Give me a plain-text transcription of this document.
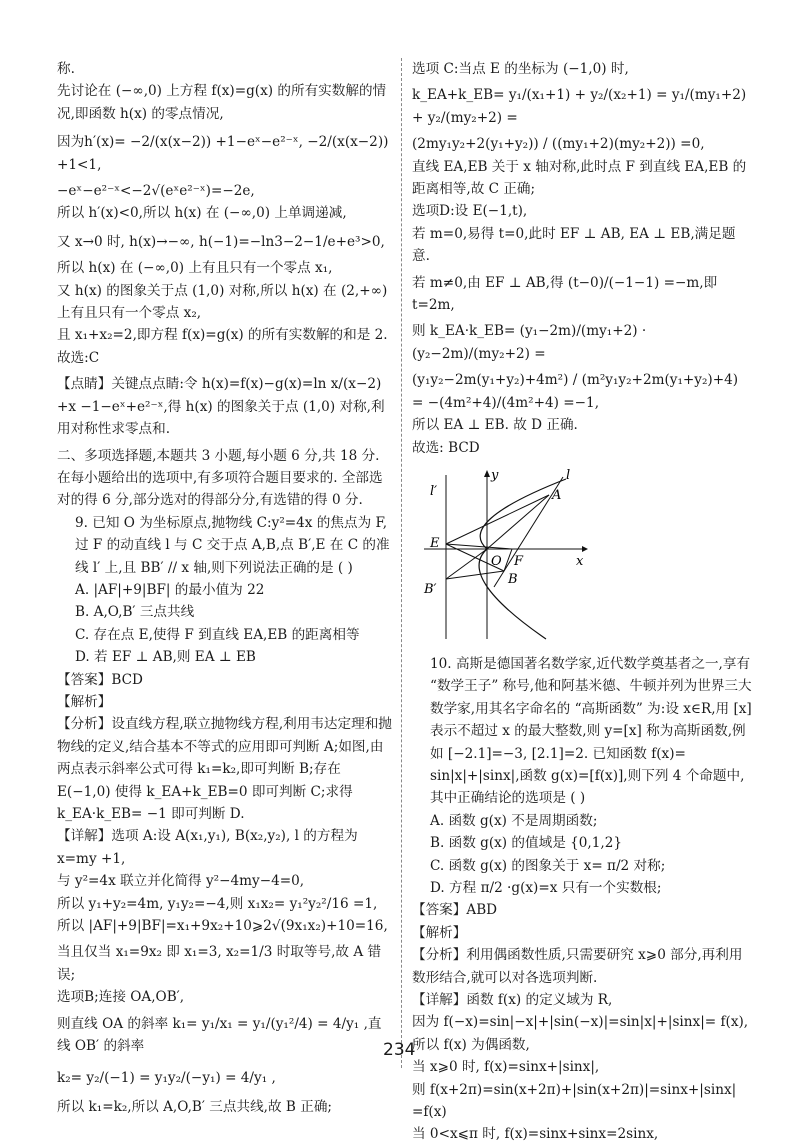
称.

先讨论在 (−∞,0) 上方程 f(x)=g(x) 的所有实数解的情况,即函数 h(x) 的零点情况,

因为h′(x)= −2/(x(x−2)) +1−eˣ−e²⁻ˣ, −2/(x(x−2)) +1<1,

−eˣ−e²⁻ˣ<−2√(eˣe²⁻ˣ)=−2e,

所以 h′(x)<0,所以 h(x) 在 (−∞,0) 上单调递减,

又 x→0 时, h(x)→−∞, h(−1)=−ln3−2−1/e+e³>0,

所以 h(x) 在 (−∞,0) 上有且只有一个零点 x₁,

又 h(x) 的图象关于点 (1,0) 对称,所以 h(x) 在 (2,+∞) 上有且只有一个零点 x₂,

且 x₁+x₂=2,即方程 f(x)=g(x) 的所有实数解的和是 2.

故选:C

【点睛】关键点点睛:令 h(x)=f(x)−g(x)=ln x/(x−2) +x −1−eˣ+e²⁻ˣ,得 h(x) 的图象关于点 (1,0) 对称,利用对称性求零点和.

二、多项选择题,本题共 3 小题,每小题 6 分,共 18 分. 在每小题给出的选项中,有多项符合题目要求的. 全部选对的得 6 分,部分选对的得部分分,有选错的得 0 分.

9. 已知 O 为坐标原点,抛物线 C:y²=4x 的焦点为 F,过 F 的动直线 l 与 C 交于点 A,B,点 B′,E 在 C 的准线 l′ 上,且 BB′ // x 轴,则下列说法正确的是 ( )

A. |AF|+9|BF| 的最小值为 22

B. A,O,B′ 三点共线

C. 存在点 E,使得 F 到直线 EA,EB 的距离相等

D. 若 EF ⊥ AB,则 EA ⊥ EB

【答案】BCD

【解析】

【分析】设直线方程,联立抛物线方程,利用韦达定理和抛物线的定义,结合基本不等式的应用即可判断 A;如图,由两点表示斜率公式可得 k₁=k₂,即可判断 B;存在 E(−1,0) 使得 k_EA+k_EB=0 即可判断 C;求得 k_EA·k_EB= −1 即可判断 D.

【详解】选项 A:设 A(x₁,y₁), B(x₂,y₂), l 的方程为 x=my +1,

与 y²=4x 联立并化简得 y²−4my−4=0,

所以 y₁+y₂=4m, y₁y₂=−4,则 x₁x₂= y₁²y₂²/16 =1,

所以 |AF|+9|BF|=x₁+9x₂+10⩾2√(9x₁x₂)+10=16,

当且仅当 x₁=9x₂ 即 x₁=3, x₂=1/3 时取等号,故 A 错误;

选项B;连接 OA,OB′,

则直线 OA 的斜率 k₁= y₁/x₁ = y₁/(y₁²/4) = 4/y₁ ,直线 OB′ 的斜率

k₂= y₂/(−1) = y₁y₂/(−y₁) = 4/y₁ ,

所以 k₁=k₂,所以 A,O,B′ 三点共线,故 B 正确;

选项 C:当点 E 的坐标为 (−1,0) 时,

k_EA+k_EB= y₁/(x₁+1) + y₂/(x₂+1) = y₁/(my₁+2) + y₂/(my₂+2) =

(2my₁y₂+2(y₁+y₂)) / ((my₁+2)(my₂+2)) =0,

直线 EA,EB 关于 x 轴对称,此时点 F 到直线 EA,EB 的距离相等,故 C 正确;

选项D:设 E(−1,t),

若 m=0,易得 t=0,此时 EF ⊥ AB, EA ⊥ EB,满足题意.

若 m≠0,由 EF ⊥ AB,得 (t−0)/(−1−1) =−m,即 t=2m,

则 k_EA·k_EB= (y₁−2m)/(my₁+2) · (y₂−2m)/(my₂+2) =

(y₁y₂−2m(y₁+y₂)+4m²) / (m²y₁y₂+2m(y₁+y₂)+4) = −(4m²+4)/(4m²+4) =−1,

所以 EA ⊥ EB. 故 D 正确.

故选: BCD

y
x
l
l′	A
E
O F
B
B′

10. 高斯是德国著名数学家,近代数学奠基者之一,享有 “数学王子” 称号,他和阿基米德、牛顿并列为世界三大数学家,用其名字命名的 “高斯函数” 为:设 x∈R,用 [x] 表示不超过 x 的最大整数,则 y=[x] 称为高斯函数,例如 [−2.1]=−3, [2.1]=2. 已知函数 f(x)= sin|x|+|sinx|,函数 g(x)=[f(x)],则下列 4 个命题中,其中正确结论的选项是 ( )

A. 函数 g(x) 不是周期函数;

B. 函数 g(x) 的值域是 {0,1,2}

C. 函数 g(x) 的图象关于 x= π/2 对称;

D. 方程 π/2 ·g(x)=x 只有一个实数根;

【答案】ABD

【解析】

【分析】利用偶函数性质,只需要研究 x⩾0 部分,再利用数形结合,就可以对各选项判断.

【详解】函数 f(x) 的定义域为 R,

因为 f(−x)=sin|−x|+|sin(−x)|=sin|x|+|sinx|= f(x),所以 f(x) 为偶函数,

当 x⩾0 时, f(x)=sinx+|sinx|,

则 f(x+2π)=sin(x+2π)+|sin(x+2π)|=sinx+|sinx| =f(x)

当 0<x⩽π 时, f(x)=sinx+sinx=2sinx,

234
